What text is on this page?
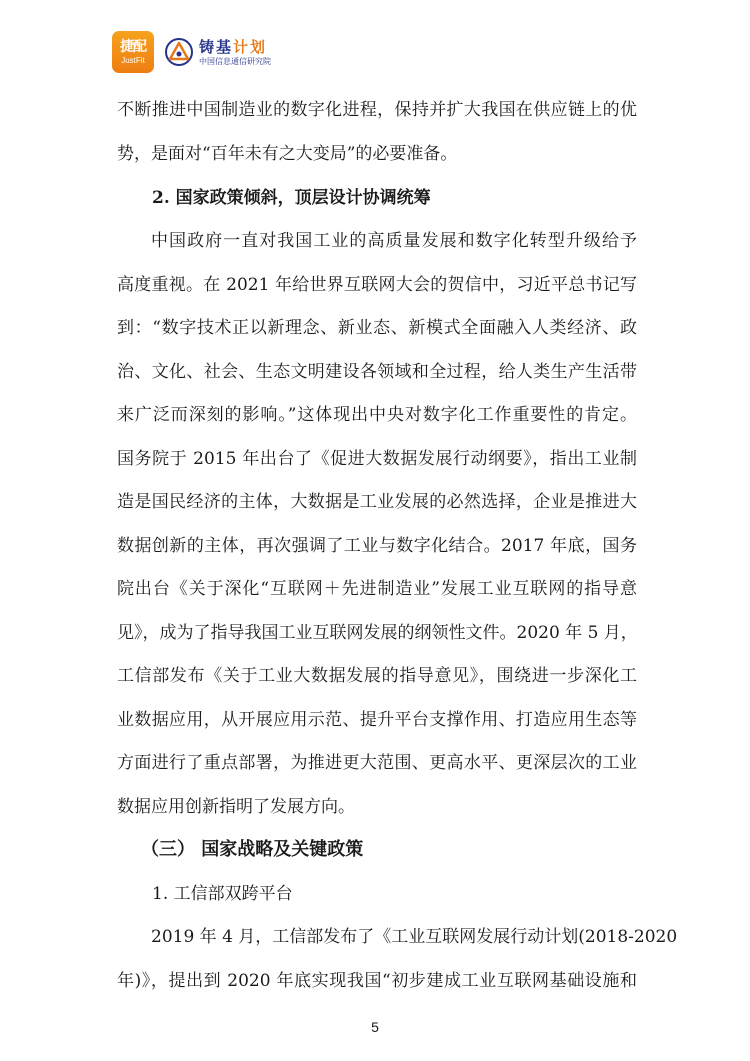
捷配
JustFit
铸基计划
中国信息通信研究院
不断推进中国制造业的数字化进程，保持并扩大我国在供应链上的优
势，是面对“百年未有之大变局”的必要准备。
2. 国家政策倾斜，顶层设计协调统筹
中国政府一直对我国工业的高质量发展和数字化转型升级给予
高度重视。在 2021 年给世界互联网大会的贺信中，习近平总书记写
到：“数字技术正以新理念、新业态、新模式全面融入人类经济、政
治、文化、社会、生态文明建设各领域和全过程，给人类生产生活带
来广泛而深刻的影响。”这体现出中央对数字化工作重要性的肯定。
国务院于 2015 年出台了《促进大数据发展行动纲要》，指出工业制
造是国民经济的主体，大数据是工业发展的必然选择，企业是推进大
数据创新的主体，再次强调了工业与数字化结合。2017 年底，国务
院出台《关于深化“互联网＋先进制造业”发展工业互联网的指导意
见》，成为了指导我国工业互联网发展的纲领性文件。2020 年 5 月，
工信部发布《关于工业大数据发展的指导意见》，围绕进一步深化工
业数据应用，从开展应用示范、提升平台支撑作用、打造应用生态等
方面进行了重点部署，为推进更大范围、更高水平、更深层次的工业
数据应用创新指明了发展方向。
（三） 国家战略及关键政策
1. 工信部双跨平台
2019 年 4 月，工信部发布了《工业互联网发展行动计划(2018-2020
年)》，提出到 2020 年底实现我国“初步建成工业互联网基础设施和
5
